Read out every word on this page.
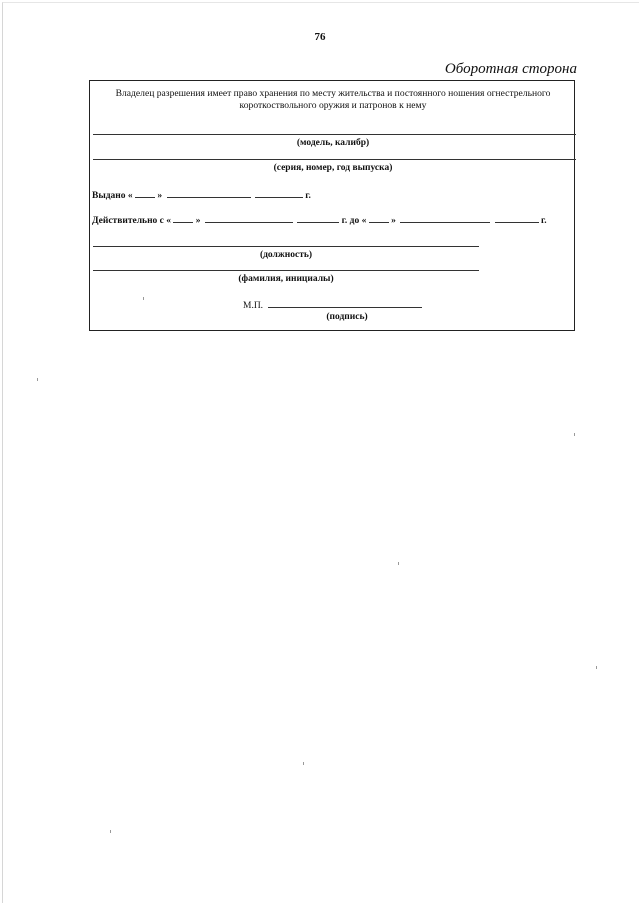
76
Оборотная сторона
Владелец разрешения имеет право хранения по месту жительства и постоянного ношения огнестрельного короткоствольного оружия и патронов к нему
(модель, калибр)
(серия, номер, год выпуска)
Выдано «	»	г.
Действительно с «	»	г. до «	»	г.
(должность)
(фамилия, инициалы)
М.П.
(подпись)
